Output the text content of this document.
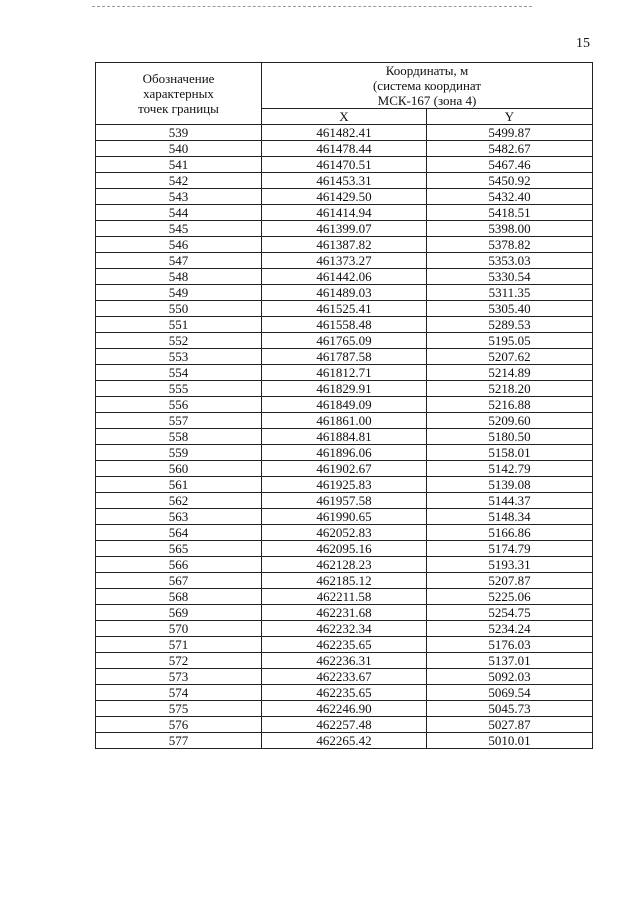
15
Обозначение
характерных
точек границы	Координаты, м
(система координат
МСК-167 (зона 4)	

	X	Y
539	461482.41	5499.87
540	461478.44	5482.67
541	461470.51	5467.46
542	461453.31	5450.92
543	461429.50	5432.40
544	461414.94	5418.51
545	461399.07	5398.00
546	461387.82	5378.82
547	461373.27	5353.03
548	461442.06	5330.54
549	461489.03	5311.35
550	461525.41	5305.40
551	461558.48	5289.53
552	461765.09	5195.05
553	461787.58	5207.62
554	461812.71	5214.89
555	461829.91	5218.20
556	461849.09	5216.88
557	461861.00	5209.60
558	461884.81	5180.50
559	461896.06	5158.01
560	461902.67	5142.79
561	461925.83	5139.08
562	461957.58	5144.37
563	461990.65	5148.34
564	462052.83	5166.86
565	462095.16	5174.79
566	462128.23	5193.31
567	462185.12	5207.87
568	462211.58	5225.06
569	462231.68	5254.75
570	462232.34	5234.24
571	462235.65	5176.03
572	462236.31	5137.01
573	462233.67	5092.03
574	462235.65	5069.54
575	462246.90	5045.73
576	462257.48	5027.87
577	462265.42	5010.01
